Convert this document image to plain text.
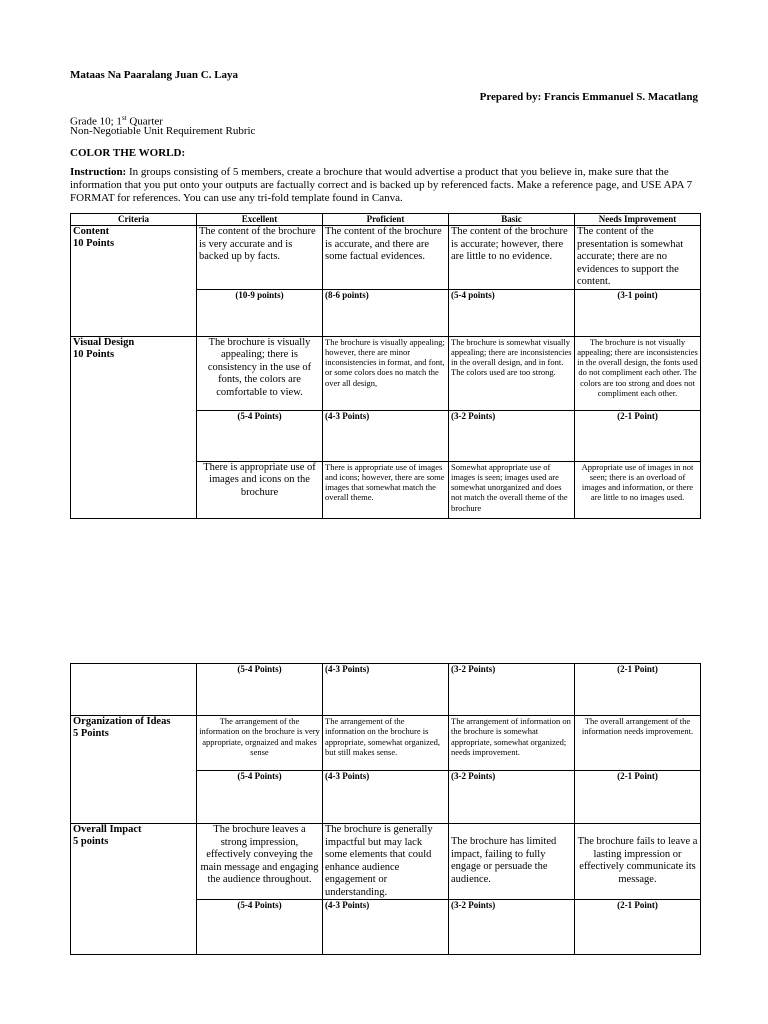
Mataas Na Paaralang Juan C. Laya
Prepared by: Francis Emmanuel S. Macatlang
Grade 10; 1st Quarter
Non-Negotiable Unit Requirement Rubric
COLOR THE WORLD:
Instruction: In groups consisting of 5 members, create a brochure that would advertise a product that you believe in, make sure that the information that you put onto your outputs are factually correct and is backed up by referenced facts. Make a reference page, and USE APA 7 FORMAT for references. You can use any tri-fold template found in Canva.
Criteria	Excellent	Proficient	Basic	Needs Improvement

Content
10 Points	The content of the brochure is very accurate and is backed up by facts.	The content of the brochure is accurate, and there are some factual evidences.	The content of the brochure is accurate; however, there are little to no evidence.	The content of the presentation is somewhat accurate; there are no evidences to support the content.
	(10-9 points)	(8-6 points)	(5-4 points)	(3-1 point)

Visual Design
10 Points	The brochure is visually appealing; there is consistency in the use of fonts, the colors are comfortable to view.	The brochure is visually appealing; however, there are minor inconsistencies in format, and font, or some colors does no match the over all design,	The brochure is somewhat visually appealing; there are inconsistencies in the overall design, and in font. The colors used are too strong.	The brochure is not visually appealing; there are inconsistencies in the overall design, the fonts used do not compliment each other. The colors are too strong and does not compliment each other.
	(5-4 Points)	(4-3 Points)	(3-2 Points)	(2-1 Point)
	There is appropriate use of images and icons on the brochure	There is appropriate use of images and icons; however, there are some images that somewhat match the overall theme.	Somewhat appropriate use of images is seen; images used are somewhat unorganized and does not match the overall theme of the brochure	Appropriate use of images in not seen; there is an overload of images and information, or there are little to no images used.
	(5-4 Points)	(4-3 Points)	(3-2 Points)	(2-1 Point)

Organization of Ideas
5 Points	The arrangement of the information on the brochure is very appropriate, orgnaized and makes sense	The arrangement of the information on the brochure is appropriate, somewhat organized, but still makes sense.	The arrangement of information on the brochure is somewhat appropriate, somewhat organized; needs improvement.	The overall arrangement of the information needs improvement.
	(5-4 Points)	(4-3 Points)	(3-2 Points)	(2-1 Point)

Overall Impact
5 points	The brochure leaves a strong impression, effectively conveying the main message and engaging the audience throughout.	The brochure is generally impactful but may lack some elements that could enhance audience engagement or understanding.	The brochure has limited impact, failing to fully engage or persuade the audience.	The brochure fails to leave a lasting impression or effectively communicate its message.
	(5-4 Points)	(4-3 Points)	(3-2 Points)	(2-1 Point)
